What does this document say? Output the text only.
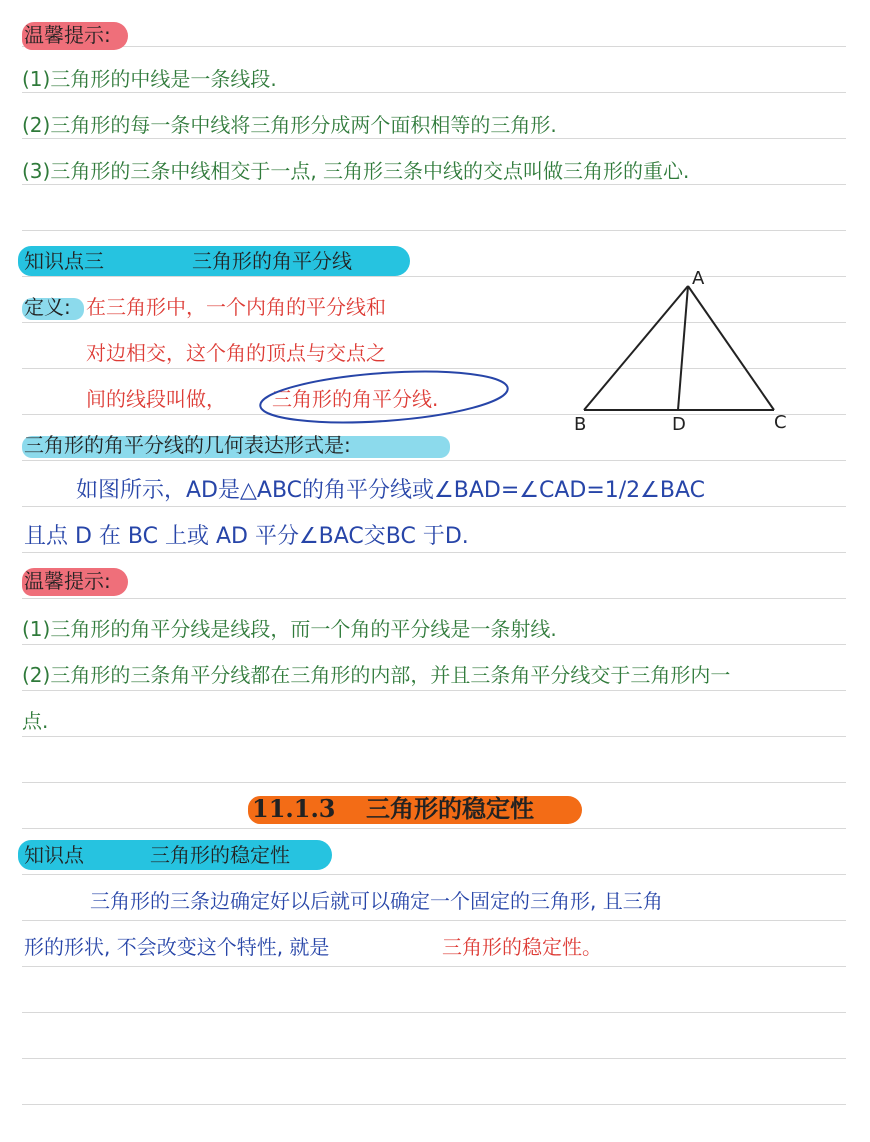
温馨提示:
(1)三角形的中线是一条线段.
(2)三角形的每一条中线将三角形分成两个面积相等的三角形.
(3)三角形的三条中线相交于一点, 三角形三条中线的交点叫做三角形的重心.
知识点三	三角形的角平分线
定义: 在三角形中，一个内角的平分线和
对边相交，这个角的顶点与交点之
间的线段叫做， 三角形的角平分线.
三角形的角平分线的几何表达形式是:
如图所示，AD是△ABC的角平分线或∠BAD=∠CAD=1/2∠BAC
且点 D 在 BC 上或 AD 平分∠BAC交BC 于D.
A
B	C
D
温馨提示:
(1)三角形的角平分线是线段，而一个角的平分线是一条射线.
(2)三角形的三条角平分线都在三角形的内部，并且三条角平分线交于三角形内一
点.
11.1.3 三角形的稳定性
知识点	三角形的稳定性
三角形的三条边确定好以后就可以确定一个固定的三角形, 且三角
形的形状, 不会改变这个特性, 就是	三角形的稳定性。
